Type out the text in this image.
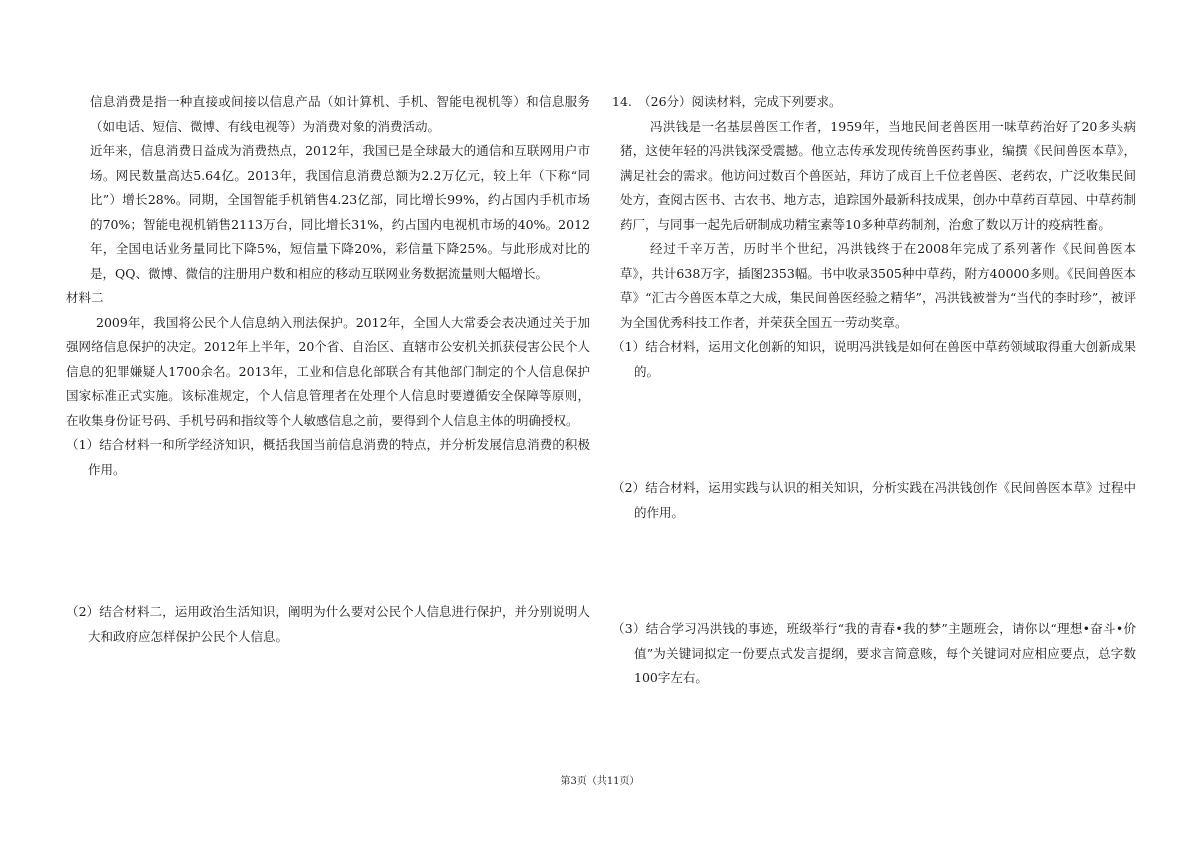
信息消费是指一种直接或间接以信息产品（如计算机、手机、智能电视机等）和信息服务（如电话、短信、微博、有线电视等）为消费对象的消费活动。

近年来，信息消费日益成为消费热点，2012年，我国已是全球最大的通信和互联网用户市场。网民数量高达5.64亿。2013年，我国信息消费总额为2.2万亿元，较上年（下称“同比”）增长28%。同期，全国智能手机销售4.23亿部，同比增长99%，约占国内手机市场的70%；智能电视机销售2113万台，同比增长31%，约占国内电视机市场的40%。2012年，全国电话业务量同比下降5%，短信量下降20%，彩信量下降25%。与此形成对比的是，QQ、微博、微信的注册用户数和相应的移动互联网业务数据流量则大幅增长。

材料二

2009年，我国将公民个人信息纳入刑法保护。2012年，全国人大常委会表决通过关于加强网络信息保护的决定。2012年上半年，20个省、自治区、直辖市公安机关抓获侵害公民个人信息的犯罪嫌疑人1700余名。2013年，工业和信息化部联合有其他部门制定的个人信息保护国家标准正式实施。该标准规定，个人信息管理者在处理个人信息时要遵循安全保障等原则，在收集身份证号码、手机号码和指纹等个人敏感信息之前，要得到个人信息主体的明确授权。

（1）结合材料一和所学经济知识，概括我国当前信息消费的特点，并分析发展信息消费的积极作用。

（2）结合材料二，运用政治生活知识，阐明为什么要对公民个人信息进行保护，并分别说明人大和政府应怎样保护公民个人信息。

14.　（26分）阅读材料，完成下列要求。

冯洪钱是一名基层兽医工作者，1959年，当地民间老兽医用一味草药治好了20多头病猪，这使年轻的冯洪钱深受震撼。他立志传承发现传统兽医药事业，编撰《民间兽医本草》，满足社会的需求。他访问过数百个兽医站，拜访了成百上千位老兽医、老药农，广泛收集民间处方，查阅古医书、古农书、地方志，追踪国外最新科技成果，创办中草药百草园、中草药制药厂，与同事一起先后研制成功精宝素等10多种草药制剂，治愈了数以万计的疫病牲畜。

经过千辛万苦，历时半个世纪，冯洪钱终于在2008年完成了系列著作《民间兽医本草》，共计638万字，插图2353幅。书中收录3505种中草药，附方40000多则。《民间兽医本草》“汇古今兽医本草之大成，集民间兽医经验之精华”，冯洪钱被誉为“当代的李时珍”，被评为全国优秀科技工作者，并荣获全国五一劳动奖章。

（1）结合材料，运用文化创新的知识，说明冯洪钱是如何在兽医中草药领域取得重大创新成果的。

（2）结合材料，运用实践与认识的相关知识，分析实践在冯洪钱创作《民间兽医本草》过程中的作用。

（3）结合学习冯洪钱的事迹，班级举行“我的青春•我的梦”主题班会，请你以“理想•奋斗•价值”为关键词拟定一份要点式发言提纲，要求言简意赅，每个关键词对应相应要点，总字数100字左右。

第3页（共11页）
